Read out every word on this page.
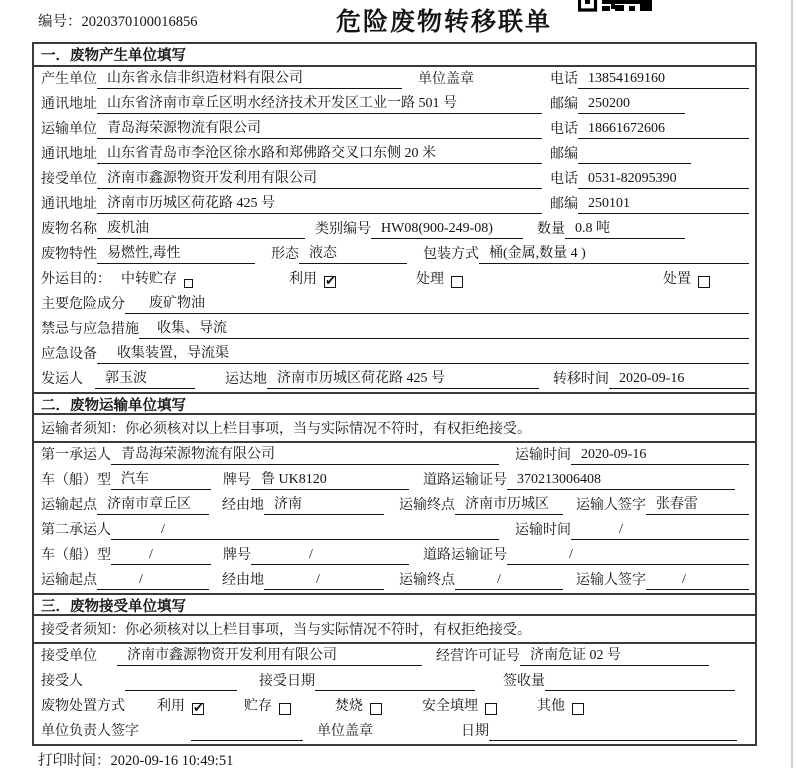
编号：2020370100016856	危险废物转移联单
一．废物产生单位填写
产生单位 山东省永信非织造材料有限公司	单位盖章	电话 13854169160
通讯地址 山东省济南市章丘区明水经济技术开发区工业一路 501 号	邮编 250200
运输单位 青岛海荣源物流有限公司	电话 18661672606
通讯地址 山东省青岛市李沧区徐水路和郑佛路交叉口东侧 20 米	邮编
接受单位 济南市鑫源物资开发利用有限公司	电话 0531-82095390
通讯地址 济南市历城区荷花路 425 号	邮编 250101
废物名称 废机油	类别编号 HW08(900-249-08)	数量 0.8 吨
废物特性 易燃性,毒性	形态 液态	包装方式 桶(金属,数量 4 )
外运目的： 中转贮存	利用 ✔	处理	处置
主要危险成分	废矿物油
禁忌与应急措施	收集、导流
应急设备	收集装置，导流渠
发运人	郭玉波	运达地 济南市历城区荷花路 425 号	转移时间 2020-09-16
二．废物运输单位填写
运输者须知：你必须核对以上栏目事项，当与实际情况不符时，有权拒绝接受。
第一承运人 青岛海荣源物流有限公司	运输时间 2020-09-16
车（船）型 汽车	牌号 鲁 UK8120	道路运输证号 370213006408
运输起点 济南市章丘区	经由地 济南	运输终点 济南市历城区	运输人签字 张春雷
第二承运人	/	运输时间	/
车（船）型	/	牌号	/	道路运输证号	/
运输起点	/	经由地	/	运输终点	/	运输人签字	/
三．废物接受单位填写
接受者须知：你必须核对以上栏目事项，当与实际情况不符时，有权拒绝接受。
接受单位	济南市鑫源物资开发利用有限公司	经营许可证号 济南危证 02 号
接受人	接受日期	签收量
废物处置方式 利用 ✔	贮存	焚烧	安全填埋	其他
单位负责人签字	单位盖章	日期
打印时间：2020-09-16 10:49:51
